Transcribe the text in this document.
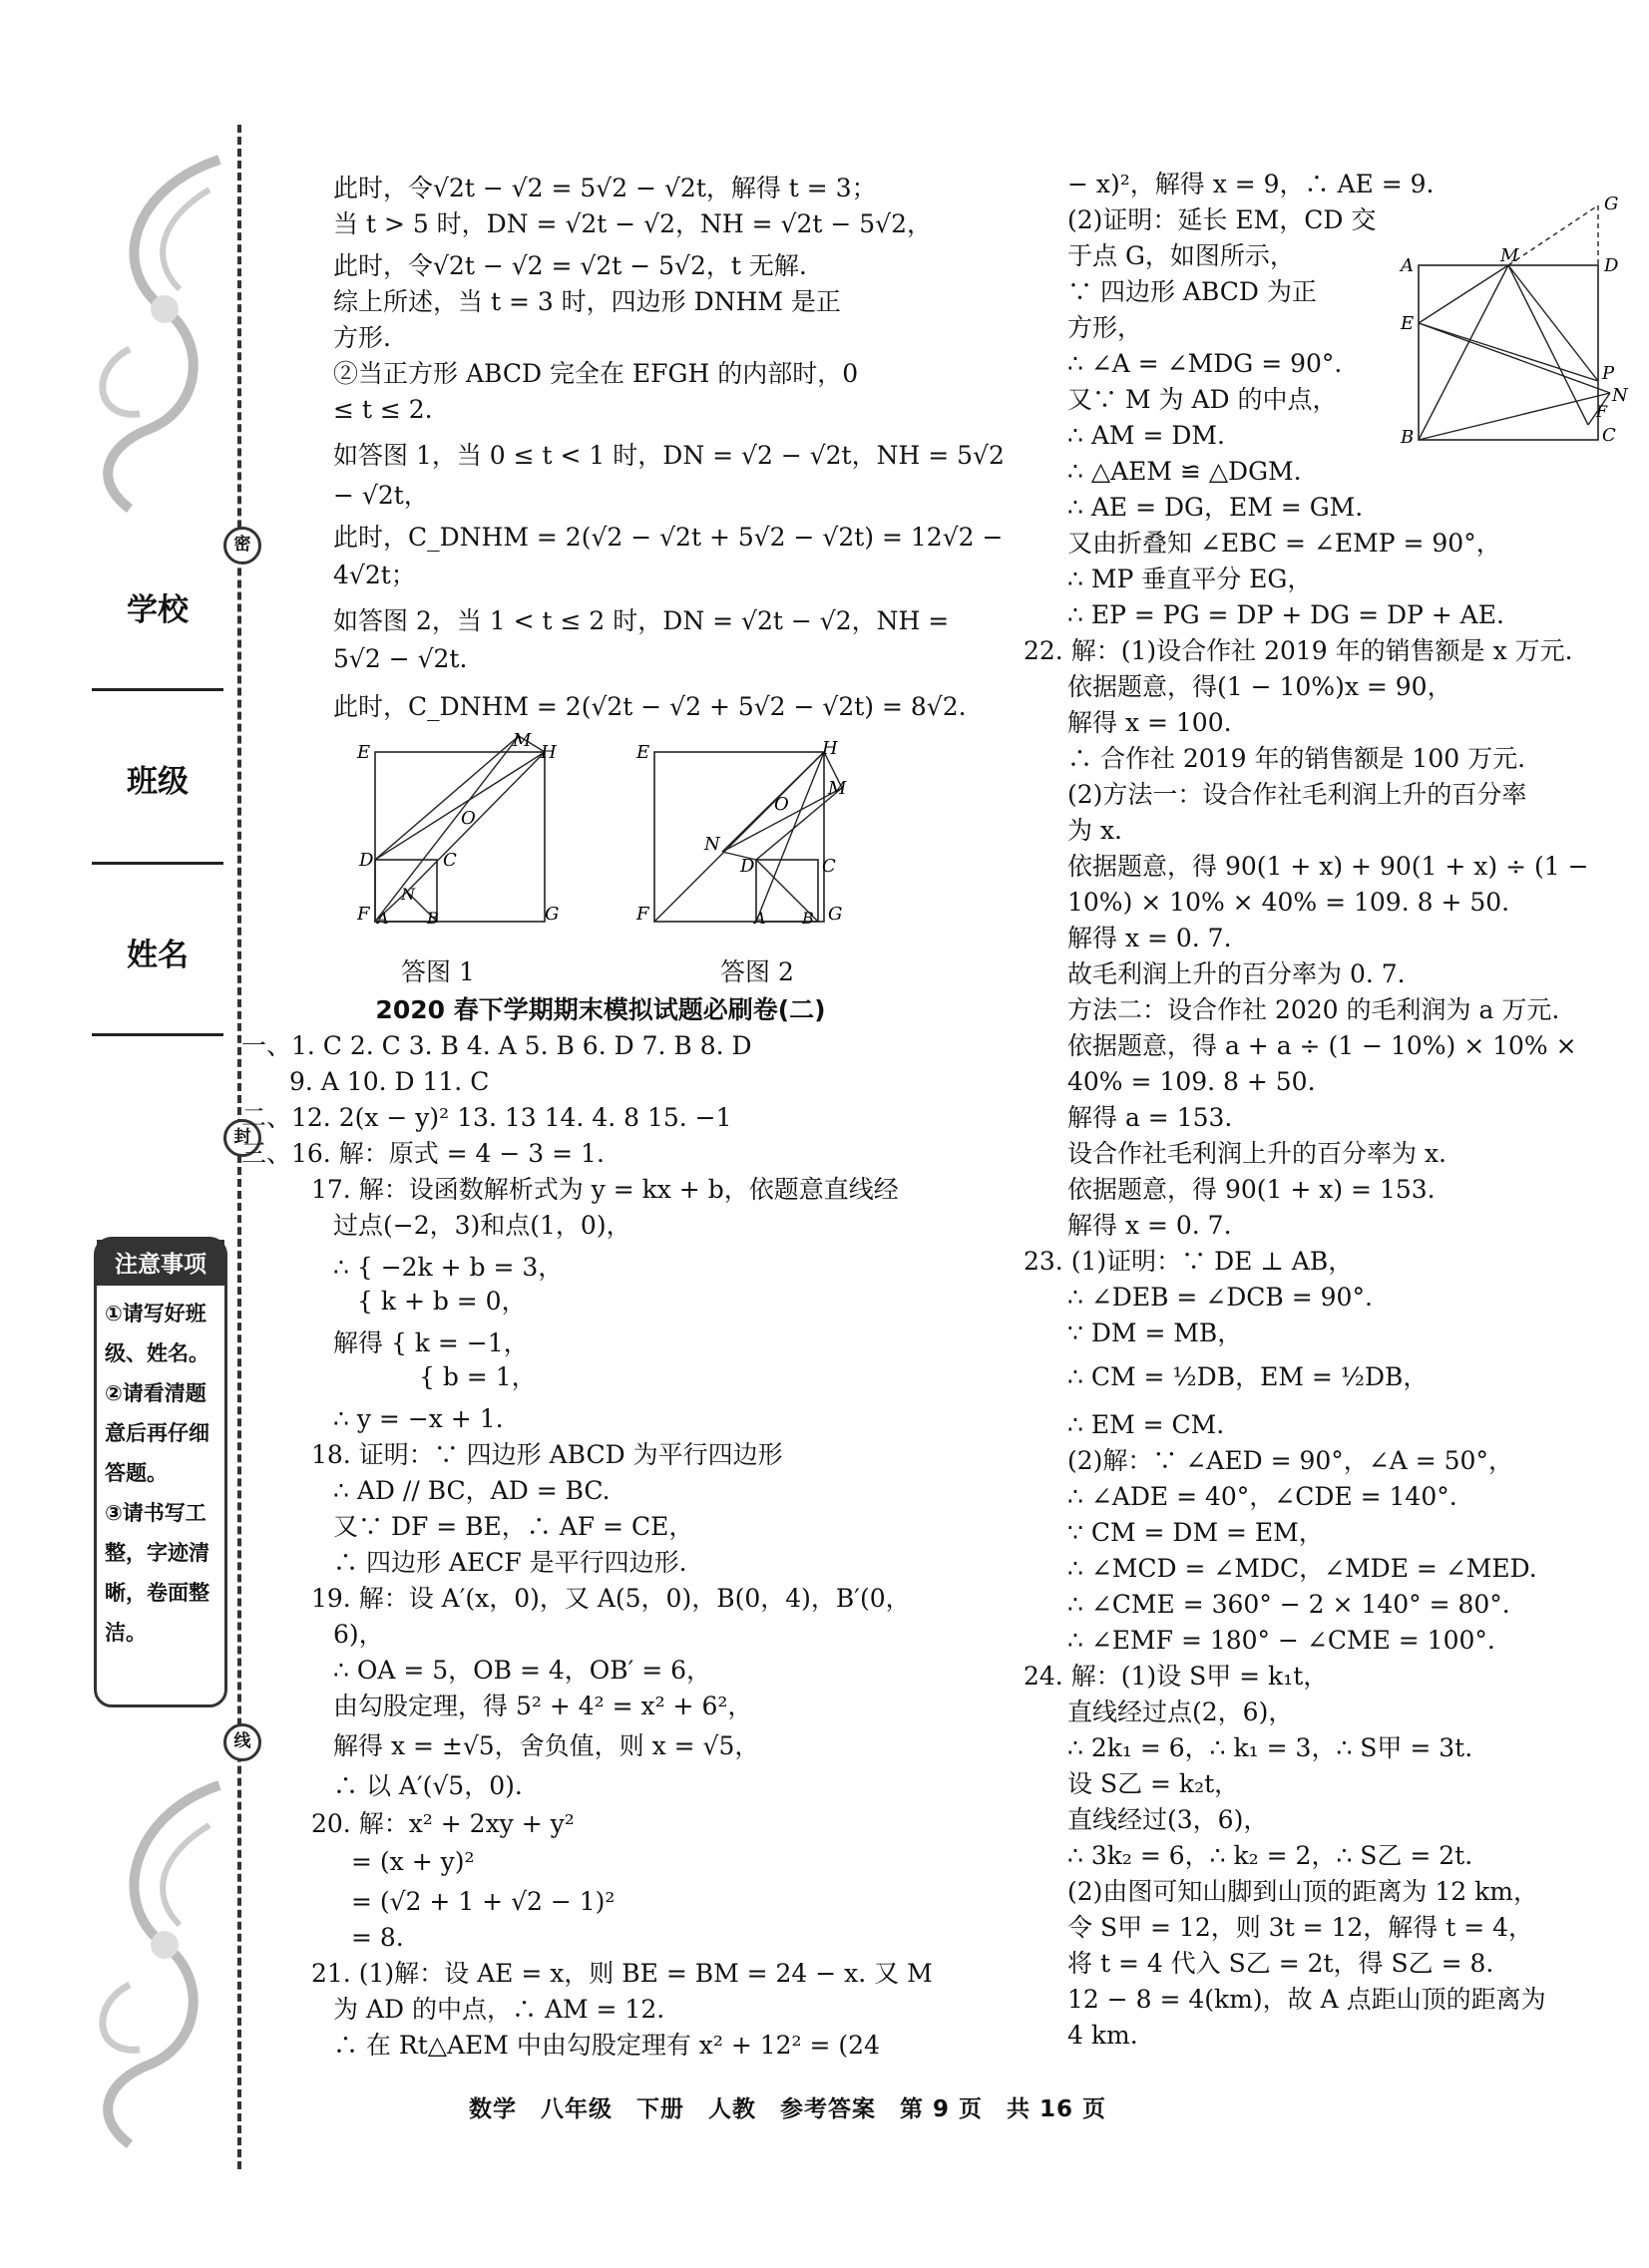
密
封
线
学校
班级
姓名
注意事项
①请写好班
级、姓名。
②请看清题
意后再仔细
答题。
③请书写工
整，字迹清
晰，卷面整
洁。
此时，令√2t − √2 = 5√2 − √2t，解得 t = 3；
当 t > 5 时，DN = √2t − √2，NH = √2t − 5√2，
此时，令√2t − √2 = √2t − 5√2，t 无解.
综上所述，当 t = 3 时，四边形 DNHM 是正
方形.
②当正方形 ABCD 完全在 EFGH 的内部时，0
≤ t ≤ 2.
如答图 1，当 0 ≤ t < 1 时，DN = √2 − √2t，NH = 5√2
− √2t，
此时，C_DNHM = 2(√2 − √2t + 5√2 − √2t) = 12√2 −
4√2t；
如答图 2，当 1 < t ≤ 2 时，DN = √2t − √2，NH =
5√2 − √2t.
此时，C_DNHM = 2(√2t − √2 + 5√2 − √2t) = 8√2.
E
M
H
O
D	C
N
F A B	G
答图 1
E	H
M
O
N
D	C
F	A B G
答图 2
2020 春下学期期末模拟试题必刷卷(二)
一、1. C 2. C 3. B 4. A 5. B 6. D 7. B 8. D
9. A 10. D 11. C
二、12. 2(x − y)² 13. 13 14. 4. 8 15. −1
三、16. 解：原式 = 4 − 3 = 1.
17. 解：设函数解析式为 y = kx + b，依题意直线经
过点(−2，3)和点(1，0)，
∴ { −2k + b = 3，
{ k + b = 0，
解得 { k = −1，
{ b = 1，
∴ y = −x + 1.
18. 证明：∵ 四边形 ABCD 为平行四边形
∴ AD // BC，AD = BC.
又∵ DF = BE，∴ AF = CE，
∴ 四边形 AECF 是平行四边形.
19. 解：设 A′(x，0)，又 A(5，0)，B(0，4)，B′(0，
6)，
∴ OA = 5，OB = 4，OB′ = 6，
由勾股定理，得 5² + 4² = x² + 6²，
解得 x = ±√5，舍负值，则 x = √5，
∴ 以 A′(√5，0).
20. 解：x² + 2xy + y²
= (x + y)²
= (√2 + 1 + √2 − 1)²
= 8.
21. (1)解：设 AE = x，则 BE = BM = 24 − x. 又 M
为 AD 的中点，∴ AM = 12.
∴ 在 Rt△AEM 中由勾股定理有 x² + 12² = (24
− x)²，解得 x = 9，∴ AE = 9.
(2)证明：延长 EM，CD 交
于点 G，如图所示，
∵ 四边形 ABCD 为正
方形，
∴ ∠A = ∠MDG = 90°.
又∵ M 为 AD 的中点，
∴ AM = DM.
∴ △AEM ≌ △DGM.
∴ AE = DG，EM = GM.
又由折叠知 ∠EBC = ∠EMP = 90°，
∴ MP 垂直平分 EG，
∴ EP = PG = DP + DG = DP + AE.
22. 解：(1)设合作社 2019 年的销售额是 x 万元.
依据题意，得(1 − 10%)x = 90，
解得 x = 100.
∴ 合作社 2019 年的销售额是 100 万元.
(2)方法一：设合作社毛利润上升的百分率
为 x.
依据题意，得 90(1 + x) + 90(1 + x) ÷ (1 −
10%) × 10% × 40% = 109. 8 + 50.
解得 x = 0. 7.
故毛利润上升的百分率为 0. 7.
方法二：设合作社 2020 的毛利润为 a 万元.
依据题意，得 a + a ÷ (1 − 10%) × 10% ×
40% = 109. 8 + 50.
解得 a = 153.
设合作社毛利润上升的百分率为 x.
依据题意，得 90(1 + x) = 153.
解得 x = 0. 7.
23. (1)证明：∵ DE ⊥ AB，
∴ ∠DEB = ∠DCB = 90°.
∵ DM = MB，
∴ CM = ½DB，EM = ½DB，
∴ EM = CM.
(2)解：∵ ∠AED = 90°，∠A = 50°，
∴ ∠ADE = 40°，∠CDE = 140°.
∵ CM = DM = EM，
∴ ∠MCD = ∠MDC，∠MDE = ∠MED.
∴ ∠CME = 360° − 2 × 140° = 80°.
∴ ∠EMF = 180° − ∠CME = 100°.
24. 解：(1)设 S甲 = k₁t，
直线经过点(2，6)，
∴ 2k₁ = 6，∴ k₁ = 3，∴ S甲 = 3t.
设 S乙 = k₂t，
直线经过(3，6)，
∴ 3k₂ = 6，∴ k₂ = 2，∴ S乙 = 2t.
(2)由图可知山脚到山顶的距离为 12 km，
令 S甲 = 12，则 3t = 12，解得 t = 4，
将 t = 4 代入 S乙 = 2t，得 S乙 = 8.
12 − 8 = 4(km)，故 A 点距山顶的距离为
4 km.
A	M	D
G
E
P
N
F
C
B
数学　八年级　下册　人教　参考答案　第 9 页　共 16 页
